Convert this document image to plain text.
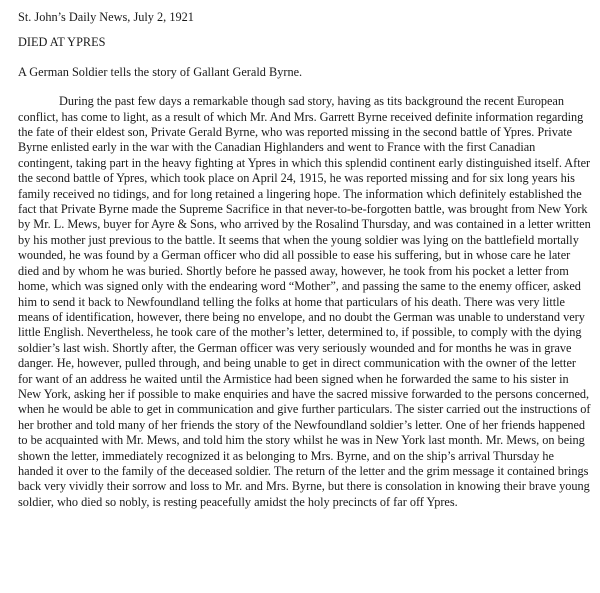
St. John’s Daily News, July 2, 1921

DIED AT YPRES

A German Soldier tells the story of Gallant Gerald Byrne.

During the past few days a remarkable though sad story, having as tits background the recent European conflict, has come to light, as a result of which Mr. And Mrs. Garrett Byrne received definite information regarding the fate of their eldest son, Private Gerald Byrne, who was reported missing in the second battle of Ypres. Private Byrne enlisted early in the war with the Canadian Highlanders and went to France with the first Canadian contingent, taking part in the heavy fighting at Ypres in which this splendid continent early distinguished itself. After the second battle of Ypres, which took place on April 24, 1915, he was reported missing and for six long years his family received no tidings, and for long retained a lingering hope. The information which definitely established the fact that Private Byrne made the Supreme Sacrifice in that never-to-be-forgotten battle, was brought from New York by Mr. L. Mews, buyer for Ayre & Sons, who arrived by the Rosalind Thursday, and was contained in a letter written by his mother just previous to the battle. It seems that when the young soldier was lying on the battlefield mortally wounded, he was found by a German officer who did all possible to ease his suffering, but in whose care he later died and by whom he was buried. Shortly before he passed away, however, he took from his pocket a letter from home, which was signed only with the endearing word “Mother”, and passing the same to the enemy officer, asked him to send it back to Newfoundland telling the folks at home that particulars of his death. There was very little means of identification, however, there being no envelope, and no doubt the German was unable to understand very little English. Nevertheless, he took care of the mother’s letter, determined to, if possible, to comply with the dying soldier’s last wish. Shortly after, the German officer was very seriously wounded and for months he was in grave danger. He, however, pulled through, and being unable to get in direct communication with the owner of the letter for want of an address he waited until the Armistice had been signed when he forwarded the same to his sister in New York, asking her if possible to make enquiries and have the sacred missive forwarded to the persons concerned, when he would be able to get in communication and give further particulars. The sister carried out the instructions of her brother and told many of her friends the story of the Newfoundland soldier’s letter. One of her friends happened to be acquainted with Mr. Mews, and told him the story whilst he was in New York last month. Mr. Mews, on being shown the letter, immediately recognized it as belonging to Mrs. Byrne, and on the ship’s arrival Thursday he handed it over to the family of the deceased soldier. The return of the letter and the grim message it contained brings back very vividly their sorrow and loss to Mr. and Mrs. Byrne, but there is consolation in knowing their brave young soldier, who died so nobly, is resting peacefully amidst the holy precincts of far off Ypres.
